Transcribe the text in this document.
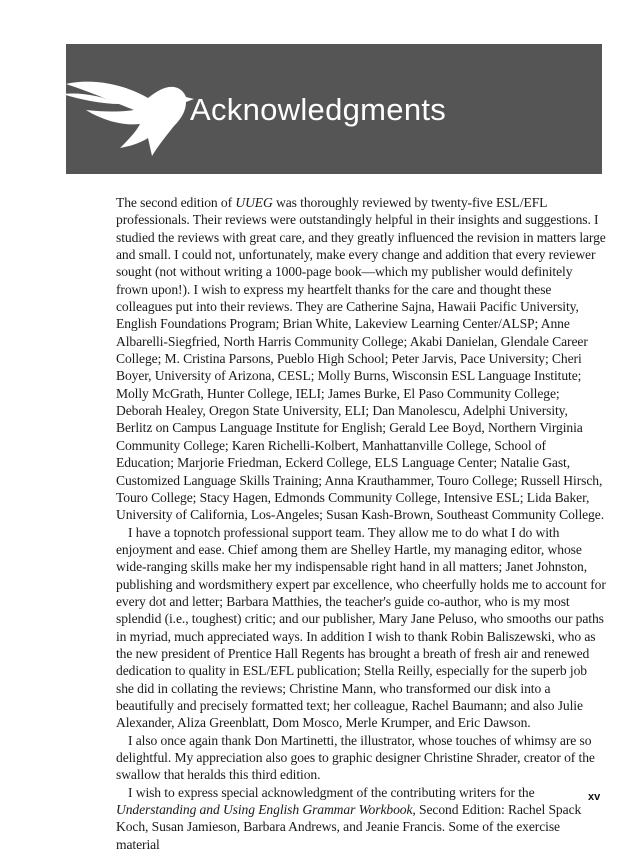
Acknowledgments

The second edition of UUEG was thoroughly reviewed by twenty-five ESL/EFL professionals. Their reviews were outstandingly helpful in their insights and suggestions. I studied the reviews with great care, and they greatly influenced the revision in matters large and small. I could not, unfortunately, make every change and addition that every reviewer sought (not without writing a 1000-page book—which my publisher would definitely frown upon!). I wish to express my heartfelt thanks for the care and thought these colleagues put into their reviews. They are Catherine Sajna, Hawaii Pacific University, English Foundations Program; Brian White, Lakeview Learning Center/ALSP; Anne Albarelli-Siegfried, North Harris Community College; Akabi Danielan, Glendale Career College; M. Cristina Parsons, Pueblo High School; Peter Jarvis, Pace University; Cheri Boyer, University of Arizona, CESL; Molly Burns, Wisconsin ESL Language Institute; Molly McGrath, Hunter College, IELI; James Burke, El Paso Community College; Deborah Healey, Oregon State University, ELI; Dan Manolescu, Adelphi University, Berlitz on Campus Language Institute for English; Gerald Lee Boyd, Northern Virginia Community College; Karen Richelli-Kolbert, Manhattanville College, School of Education; Marjorie Friedman, Eckerd College, ELS Language Center; Natalie Gast, Customized Language Skills Training; Anna Krauthammer, Touro College; Russell Hirsch, Touro College; Stacy Hagen, Edmonds Community College, Intensive ESL; Lida Baker, University of California, Los-Angeles; Susan Kash-Brown, Southeast Community College.

I have a topnotch professional support team. They allow me to do what I do with enjoyment and ease. Chief among them are Shelley Hartle, my managing editor, whose wide-ranging skills make her my indispensable right hand in all matters; Janet Johnston, publishing and wordsmithery expert par excellence, who cheerfully holds me to account for every dot and letter; Barbara Matthies, the teacher's guide co-author, who is my most splendid (i.e., toughest) critic; and our publisher, Mary Jane Peluso, who smooths our paths in myriad, much appreciated ways. In addition I wish to thank Robin Baliszewski, who as the new president of Prentice Hall Regents has brought a breath of fresh air and renewed dedication to quality in ESL/EFL publication; Stella Reilly, especially for the superb job she did in collating the reviews; Christine Mann, who transformed our disk into a beautifully and precisely formatted text; her colleague, Rachel Baumann; and also Julie Alexander, Aliza Greenblatt, Dom Mosco, Merle Krumper, and Eric Dawson.

I also once again thank Don Martinetti, the illustrator, whose touches of whimsy are so delightful. My appreciation also goes to graphic designer Christine Shrader, creator of the swallow that heralds this third edition.

I wish to express special acknowledgment of the contributing writers for the Understanding and Using English Grammar Workbook, Second Edition: Rachel Spack Koch, Susan Jamieson, Barbara Andrews, and Jeanie Francis. Some of the exercise material

xv
